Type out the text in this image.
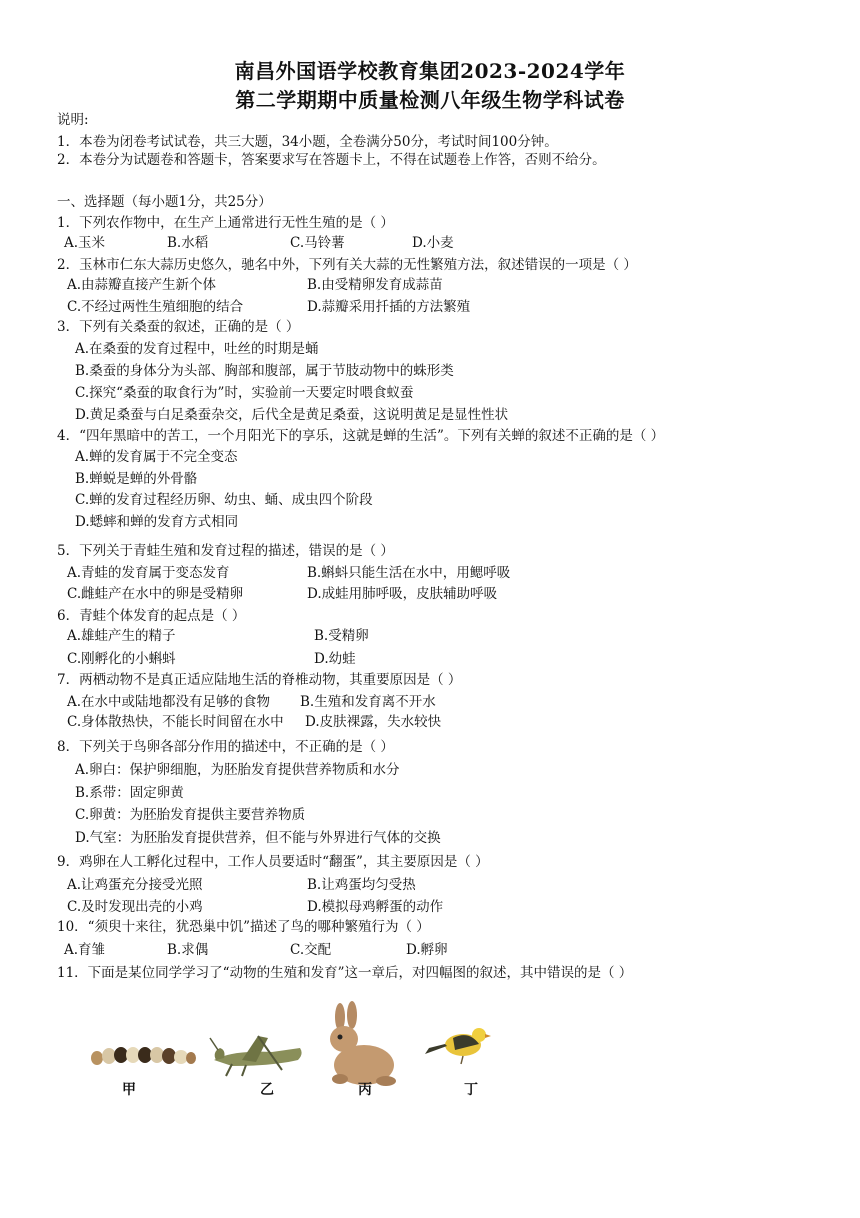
南昌外国语学校教育集团2023-2024学年
第二学期期中质量检测八年级生物学科试卷
说明:
1．本卷为闭卷考试试卷，共三大题，34小题，全卷满分50分，考试时间100分钟。
2．本卷分为试题卷和答题卡，答案要求写在答题卡上，不得在试题卷上作答，否则不给分。
一、选择题（每小题1分，共25分）
1．下列农作物中，在生产上通常进行无性生殖的是（ ）
A.玉米	B.水稻	C.马铃薯	D.小麦
2．玉林市仁东大蒜历史悠久，驰名中外，下列有关大蒜的无性繁殖方法，叙述错误的一项是（ ）
A.由蒜瓣直接产生新个体	B.由受精卵发育成蒜苗
C.不经过两性生殖细胞的结合	D.蒜瓣采用扦插的方法繁殖
3．下列有关桑蚕的叙述，正确的是（ ）
A.在桑蚕的发育过程中，吐丝的时期是蛹
B.桑蚕的身体分为头部、胸部和腹部，属于节肢动物中的蛛形类
C.探究“桑蚕的取食行为”时，实验前一天要定时喂食蚁蚕
D.黄足桑蚕与白足桑蚕杂交，后代全是黄足桑蚕，这说明黄足是显性性状
4．“四年黑暗中的苦工，一个月阳光下的享乐，这就是蝉的生活”。下列有关蝉的叙述不正确的是（ ）
A.蝉的发育属于不完全变态
B.蝉蜕是蝉的外骨骼
C.蝉的发育过程经历卵、幼虫、蛹、成虫四个阶段
D.蟋蟀和蝉的发育方式相同
5．下列关于青蛙生殖和发育过程的描述，错误的是（ ）
A.青蛙的发育属于变态发育	B.蝌蚪只能生活在水中，用鳃呼吸
C.雌蛙产在水中的卵是受精卵	D.成蛙用肺呼吸，皮肤辅助呼吸
6．青蛙个体发育的起点是（ ）
A.雄蛙产生的精子	B.受精卵
C.刚孵化的小蝌蚪	D.幼蛙
7．两栖动物不是真正适应陆地生活的脊椎动物，其重要原因是（ ）
A.在水中或陆地都没有足够的食物 B.生殖和发育离不开水
C.身体散热快，不能长时间留在水中 D.皮肤裸露，失水较快
8．下列关于鸟卵各部分作用的描述中，不正确的是（ ）
A.卵白：保护卵细胞，为胚胎发育提供营养物质和水分
B.系带：固定卵黄
C.卵黄：为胚胎发育提供主要营养物质
D.气室：为胚胎发育提供营养，但不能与外界进行气体的交换
9．鸡卵在人工孵化过程中，工作人员要适时“翻蛋”，其主要原因是（ ）
A.让鸡蛋充分接受光照	B.让鸡蛋均匀受热
C.及时发现出壳的小鸡	D.模拟母鸡孵蛋的动作
10．“须臾十来往，犹恐巢中饥”描述了鸟的哪种繁殖行为（ ）
A.育雏	B.求偶	C.交配	D.孵卵
11．下面是某位同学学习了“动物的生殖和发育”这一章后，对四幅图的叙述，其中错误的是（ ）
甲	乙	丙	丁
